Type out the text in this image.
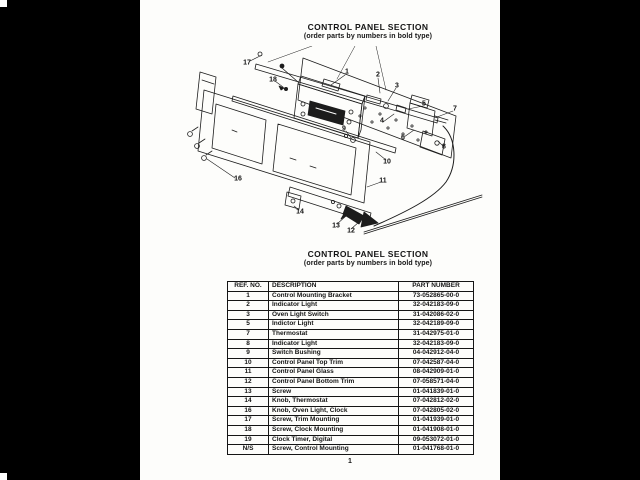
CONTROL PANEL SECTION
(order parts by numbers in bold type)
17
18
1	2
3
5
7
4
6
8
9
10
11
16
14
13
12
CONTROL PANEL SECTION
(order parts by numbers in bold type)
REF. NO.	DESCRIPTION	PART NUMBER
1	Control Mounting Bracket	73-052865-00-0
2	Indicator Light	32-042183-09-0
3	Oven Light Switch	31-042086-02-0
5	Indictor Light	32-042189-09-0
7	Thermostat	31-042975-01-0
8	Indicator Light	32-042183-09-0
9	Switch Bushing	04-042912-04-0
10	Control Panel Top Trim	07-042587-04-0
11	Control Panel Glass	08-042909-01-0
12	Control Panel Bottom Trim	07-058571-04-0
13	Screw	01-041839-01-0
14	Knob, Thermostat	07-042812-02-0
16	Knob, Oven Light, Clock	07-042805-02-0
17	Screw, Trim Mounting	01-041939-01-0
18	Screw, Clock Mounting	01-041908-01-0
19	Clock Timer, Digital	09-053072-01-0
N/S	Screw, Control Mounting	01-041768-01-0
1
